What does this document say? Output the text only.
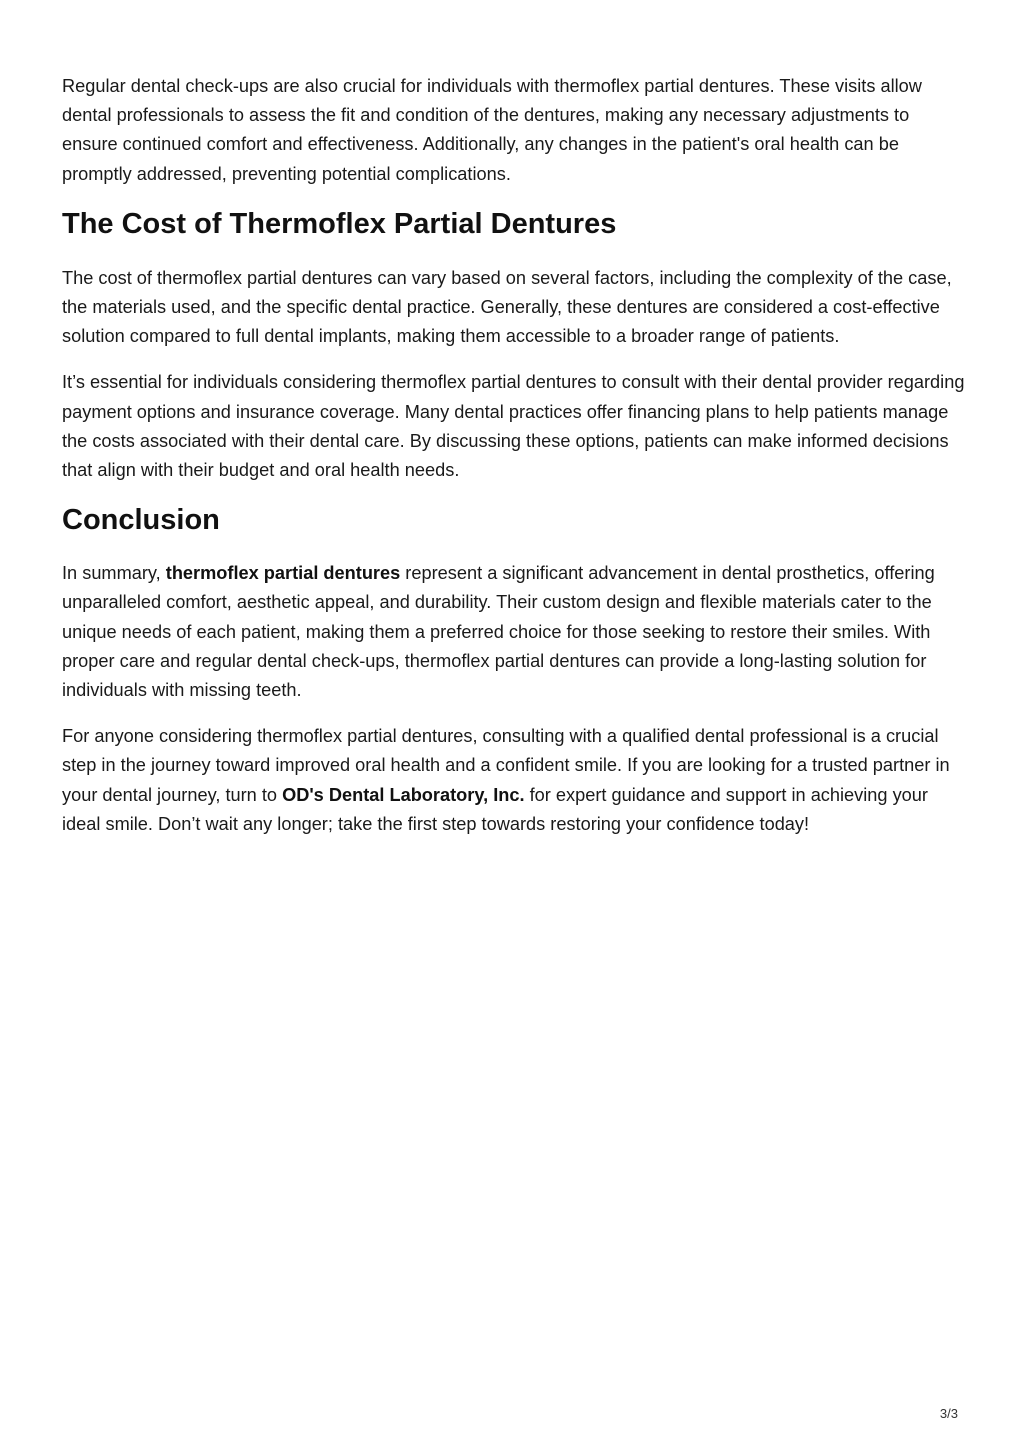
Regular dental check-ups are also crucial for individuals with thermoflex partial dentures. These visits allow dental professionals to assess the fit and condition of the dentures, making any necessary adjustments to ensure continued comfort and effectiveness. Additionally, any changes in the patient's oral health can be promptly addressed, preventing potential complications.

The Cost of Thermoflex Partial Dentures

The cost of thermoflex partial dentures can vary based on several factors, including the complexity of the case, the materials used, and the specific dental practice. Generally, these dentures are considered a cost-effective solution compared to full dental implants, making them accessible to a broader range of patients.

It’s essential for individuals considering thermoflex partial dentures to consult with their dental provider regarding payment options and insurance coverage. Many dental practices offer financing plans to help patients manage the costs associated with their dental care. By discussing these options, patients can make informed decisions that align with their budget and oral health needs.

Conclusion

In summary, thermoflex partial dentures represent a significant advancement in dental prosthetics, offering unparalleled comfort, aesthetic appeal, and durability. Their custom design and flexible materials cater to the unique needs of each patient, making them a preferred choice for those seeking to restore their smiles. With proper care and regular dental check-ups, thermoflex partial dentures can provide a long-lasting solution for individuals with missing teeth.

For anyone considering thermoflex partial dentures, consulting with a qualified dental professional is a crucial step in the journey toward improved oral health and a confident smile. If you are looking for a trusted partner in your dental journey, turn to OD's Dental Laboratory, Inc. for expert guidance and support in achieving your ideal smile. Don’t wait any longer; take the first step towards restoring your confidence today!

3/3
